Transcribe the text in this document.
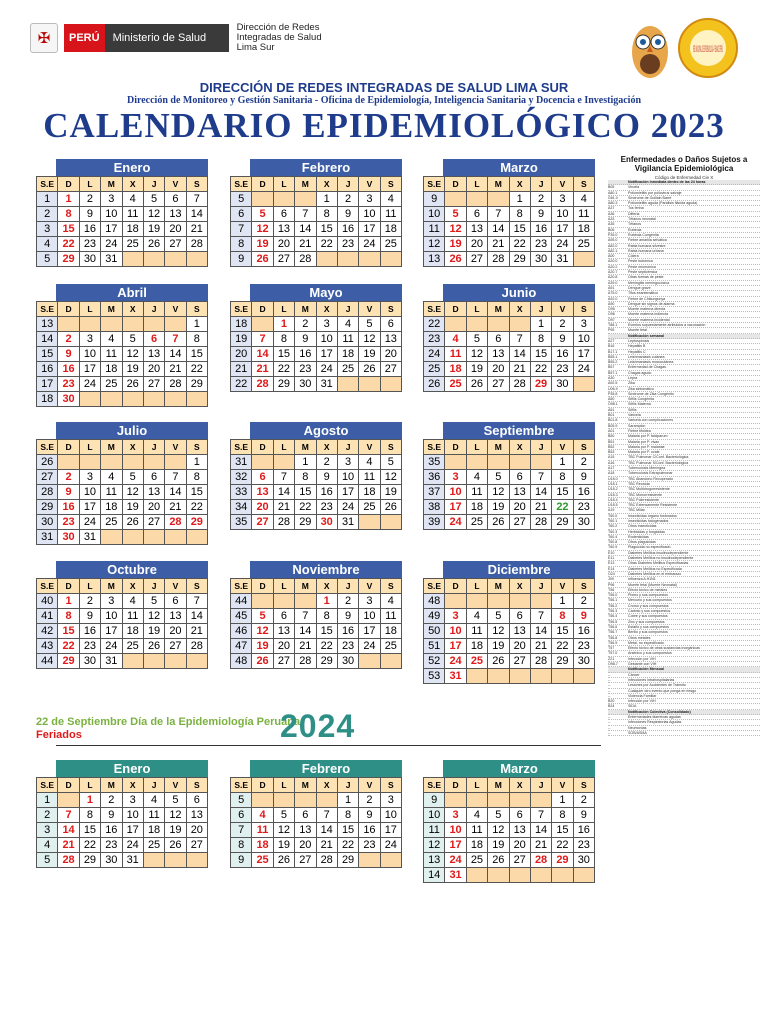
✠	PERÚ	Ministerio de Salud
Dirección de Redes
Integradas de Salud
Lima Sur	RED NACIONAL DE EPIDEMIOLOGÍA · RENACE PERÚ
DIRECCIÓN DE REDES INTEGRADAS DE SALUD LIMA SUR
Dirección de Monitoreo y Gestión Sanitaria - Oficina de Epidemiología, Inteligencia Sanitaria y Docencia e Investigación
CALENDARIO EPIDEMIOLÓGICO 2023
Enero
S.E	D	L	M	X	J	V	S
1	1	2	3	4	5	6	7
2	8	9	10	11	12	13	14
3	15	16	17	18	19	20	21
4	22	23	24	25	26	27	28
5	29	30	31				
Febrero
S.E	D	L	M	X	J	V	S
5				1	2	3	4
6	5	6	7	8	9	10	11
7	12	13	14	15	16	17	18
8	19	20	21	22	23	24	25
9	26	27	28				
Marzo
S.E	D	L	M	X	J	V	S
9				1	2	3	4
10	5	6	7	8	9	10	11
11	12	13	14	15	16	17	18
12	19	20	21	22	23	24	25
13	26	27	28	29	30	31	
Abril
S.E	D	L	M	X	J	V	S
13							1
14	2	3	4	5	6	7	8
15	9	10	11	12	13	14	15
16	16	17	18	19	20	21	22
17	23	24	25	26	27	28	29
18	30						
Mayo
S.E	D	L	M	X	J	V	S
18		1	2	3	4	5	6
19	7	8	9	10	11	12	13
20	14	15	16	17	18	19	20
21	21	22	23	24	25	26	27
22	28	29	30	31			
Junio
S.E	D	L	M	X	J	V	S
22					1	2	3
23	4	5	6	7	8	9	10
24	11	12	13	14	15	16	17
25	18	19	20	21	22	23	24
26	25	26	27	28	29	30	
Julio
S.E	D	L	M	X	J	V	S
26							1
27	2	3	4	5	6	7	8
28	9	10	11	12	13	14	15
29	16	17	18	19	20	21	22
30	23	24	25	26	27	28	29
31	30	31					
Agosto
S.E	D	L	M	X	J	V	S
31			1	2	3	4	5
32	6	7	8	9	10	11	12
33	13	14	15	16	17	18	19
34	20	21	22	23	24	25	26
35	27	28	29	30	31		
Septiembre
S.E	D	L	M	X	J	V	S
35						1	2
36	3	4	5	6	7	8	9
37	10	11	12	13	14	15	16
38	17	18	19	20	21	22	23
39	24	25	26	27	28	29	30
Octubre
S.E	D	L	M	X	J	V	S
40	1	2	3	4	5	6	7
41	8	9	10	11	12	13	14
42	15	16	17	18	19	20	21
43	22	23	24	25	26	27	28
44	29	30	31				
Noviembre
S.E	D	L	M	X	J	V	S
44				1	2	3	4
45	5	6	7	8	9	10	11
46	12	13	14	15	16	17	18
47	19	20	21	22	23	24	25
48	26	27	28	29	30		
Diciembre
S.E	D	L	M	X	J	V	S
48						1	2
49	3	4	5	6	7	8	9
50	10	11	12	13	14	15	16
51	17	18	19	20	21	22	23
52	24	25	26	27	28	29	30
53	31						
22 de Septiembre Día de la Epidemiología Peruana
Feriados	2024
Enero
S.E	D	L	M	X	J	V	S
1		1	2	3	4	5	6
2	7	8	9	10	11	12	13
3	14	15	16	17	18	19	20
4	21	22	23	24	25	26	27
5	28	29	30	31			
Febrero
S.E	D	L	M	X	J	V	S
5					1	2	3
6	4	5	6	7	8	9	10
7	11	12	13	14	15	16	17
8	18	19	20	21	22	23	24
9	25	26	27	28	29		
Marzo
S.E	D	L	M	X	J	V	S
9						1	2
10	3	4	5	6	7	8	9
11	10	11	12	13	14	15	16
12	17	18	19	20	21	22	23
13	24	25	26	27	28	29	30
14	31						
Enfermedades o Daños Sujetos a Vigilancia Epidemiológica
Código de Enfermedad Cie X
Notificación inmediata dentro de las 24 horas
B05	Viruela
A80.1	Poliomielitis por poliovirus salvaje
G61.0	Síndrome de Guillain Barré
A80.3	Poliomielitis aguda (Parálisis flácida aguda)
A37	Tos ferina
A36	Difteria
A33	Tétanos neonatal
A35	Tétanos
B06	Rubéola
P35.0	Rubéola Congénita
A95.0	Fiebre amarilla selvática
A82.0	Rabia humana silvestre
A82.1	Rabia humana urbana
A00	Cólera
A20.0	Peste bubónica
A20.2	Peste neumónica
A20.7	Peste septicémica
A20.8	Otras formas de peste
A39.0	Meningitis meningocócica
A91	Dengue grave
A75.0	Tifus exantemático
A92.0	Fiebre de Chikungunya
A90	Dengue sin signos de alarma
O95	Muerte materna directa
O96	Muerte materna indirecta
O97	Muerte materna incidental
T88.1	Eventos supuestamente atribuidos a vacunación
P95	Muerte fetal
Notificación semanal
A27	Leptospirosis
B16	Hepatitis B
B17.1	Hepatitis C
B55.1	Leishmaniasis cutánea
B55.2	Leishmaniasis mucocutánea
B57	Enfermedad de Chagas
B57.1	Chagas agudo
A30	Lepra
A92.5	Zika
U06.9	Zika sintomático
P35.8	Síndrome de Zika Congénito
A50	Sífilis Congénita
O98.1	Sífilis Materna
A51	Sífilis
B01	Varicela
B01.8	Varicela con complicaciones
B05.9	Sarampión
A01	Fiebre tifoidea
B50	Malaria por P. falciparum
B51	Malaria por P. vivax
B52	Malaria por P. malariae
B53	Malaria por P. ovale
A15	TBC Pulmonar C/Conf. Bacteriológica
A16	TBC Pulmonar S/Conf. Bacteriológica
A17	Tuberculosis Meníngea
A18	Tuberculosis Extrapulmonar
U18.0	TBC Abandono Recuperado
U18.1	TBC Recaída
U18.2	TBC Multidrogorresistente
U18.3	TBC Monorresistente
U18.4	TBC Polirresistente
U18.5	TBC Extensamente Resistente
A19	TBC Miliar
T60.0	Insecticidas órgano fosforados
T60.1	Insecticidas halogenados
T60.2	Otros insecticidas
T60.3	Herbicidas y fungicidas
T60.4	Rodenticidas
T60.8	Otros plaguicidas
T60.9	Plaguicida no especificado
E10	Diabetes Mellitus insulinodependiente
E11	Diabetes Mellitus no insulinodependiente
E13	Otras Diabetes Mellitus Especificadas
E14	Diabetes Mellitus no Especificada
O24	Diabetes Mellitus en el embarazo
J09	Influenza A H1N1
P96	Muerte fetal (Muerte Neonatal)
T56	Efecto tóxico de metales
T56.0	Plomo y sus compuestos
T56.1	Mercurio y sus compuestos
T56.2	Cromo y sus compuestos
T56.3	Cadmio y sus compuestos
T56.4	Cobre y sus compuestos
T56.5	Zinc y sus compuestos
T56.6	Estaño y sus compuestos
T56.7	Berilio y sus compuestos
T56.8	Otros metales
T56.9	Metal, no especificado
T57	Efecto tóxico de otras sustancias inorgánicas
T57.0	Arsénico y sus compuestos
Z21	Infección por VIH
O98.7	Gestante con VIH
Notificación Mensual
--	Cáncer
--	Infecciones intrahospitalarias
--	Lesiones por Accidentes de Tránsito
--	Cualquier otro evento que ponga en riesgo
--	Violencia Familiar
B20	Infección por VIH
B24	SIDA
Notificación Colectiva (Consolidado)
--	Enfermedades diarreicas agudas
--	Infecciones Respiratorias Agudas
--	Neumonías
--	SOB/ASMA
